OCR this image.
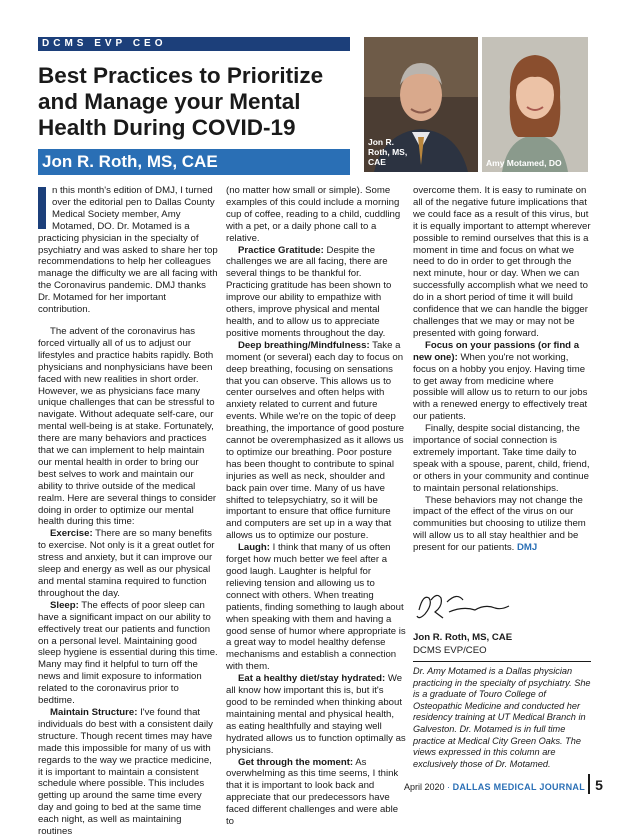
DCMS EVP CEO
Best Practices to Prioritize and Manage your Mental Health During COVID-19
Jon R. Roth, MS, CAE
Jon R. Roth, MS, CAE	Amy Motamed, DO

n this month's edition of DMJ, I turned over the editorial pen to Dallas County Medical Society member, Amy Motamed, DO. Dr. Motamed is a practicing physician in the specialty of psychiatry and was asked to share her top recommendations to help her colleagues manage the difficulty we are all facing with the Coronavirus pandemic. DMJ thanks Dr. Motamed for her important contribution.

The advent of the coronavirus has forced virtually all of us to adjust our lifestyles and practice habits rapidly. Both physicians and nonphysicians have been faced with new realities in short order. However, we as physicians face many unique challenges that can be stressful to navigate. Without adequate self-care, our mental well-being is at stake. Fortunately, there are many behaviors and practices that we can implement to help maintain our mental health in order to bring our best selves to work and maintain our ability to thrive outside of the medical realm. Here are several things to consider doing in order to optimize our mental health during this time:

Exercise: There are so many benefits to exercise. Not only is it a great outlet for stress and anxiety, but it can improve our sleep and energy as well as our physical and mental stamina required to function throughout the day.

Sleep: The effects of poor sleep can have a significant impact on our ability to effectively treat our patients and function on a personal level. Maintaining good sleep hygiene is essential during this time. Many may find it helpful to turn off the news and limit exposure to information related to the coronavirus prior to bedtime.

Maintain Structure: I've found that individuals do best with a consistent daily structure. Though recent times may have made this impossible for many of us with regards to the way we practice medicine, it is important to maintain a consistent schedule where possible. This includes getting up around the same time every day and going to bed at the same time each night, as well as maintaining routines

(no matter how small or simple). Some examples of this could include a morning cup of coffee, reading to a child, cuddling with a pet, or a daily phone call to a relative.

Practice Gratitude: Despite the challenges we are all facing, there are several things to be thankful for. Practicing gratitude has been shown to improve our ability to empathize with others, improve physical and mental health, and to allow us to appreciate positive moments throughout the day.

Deep breathing/Mindfulness: Take a moment (or several) each day to focus on deep breathing, focusing on sensations that you can observe. This allows us to center ourselves and often helps with anxiety related to current and future events. While we're on the topic of deep breathing, the importance of good posture cannot be overemphasized as it allows us to optimize our breathing. Poor posture has been thought to contribute to spinal injuries as well as neck, shoulder and back pain over time. Many of us have shifted to telepsychiatry, so it will be important to ensure that office furniture and computers are set up in a way that allows us to optimize our posture.

Laugh: I think that many of us often forget how much better we feel after a good laugh. Laughter is helpful for relieving tension and allowing us to connect with others. When treating patients, finding something to laugh about when speaking with them and having a good sense of humor where appropriate is a great way to model healthy defense mechanisms and establish a connection with them.

Eat a healthy diet/stay hydrated: We all know how important this is, but it's good to be reminded when thinking about maintaining mental and physical health, as eating healthfully and staying well hydrated allows us to function optimally as physicians.

Get through the moment: As overwhelming as this time seems, I think that it is important to look back and appreciate that our predecessors have faced different challenges and were able to

overcome them. It is easy to ruminate on all of the negative future implications that we could face as a result of this virus, but it is equally important to attempt wherever possible to remind ourselves that this is a moment in time and focus on what we need to do in order to get through the next minute, hour or day. When we can successfully accomplish what we need to do in a short period of time it will build confidence that we can handle the bigger challenges that we may or may not be presented with going forward.

Focus on your passions (or find a new one): When you're not working, focus on a hobby you enjoy. Having time to get away from medicine where possible will allow us to return to our jobs with a renewed energy to effectively treat our patients.

Finally, despite social distancing, the importance of social connection is extremely important. Take time daily to speak with a spouse, parent, child, friend, or others in your community and continue to maintain personal relationships.

These behaviors may not change the impact of the effect of the virus on our communities but choosing to utilize them will allow us to all stay healthier and be present for our patients. DMJ

Jon R. Roth, MS, CAE
DCMS EVP/CEO

Dr. Amy Motamed is a Dallas physician practicing in the specialty of psychiatry. She is a graduate of Touro College of Osteopathic Medicine and conducted her residency training at UT Medical Branch in Galveston. Dr. Motamed is in full time practice at Medical City Green Oaks. The views expressed in this column are exclusively those of Dr. Motamed.

April 2020 · DALLAS MEDICAL JOURNAL 5
